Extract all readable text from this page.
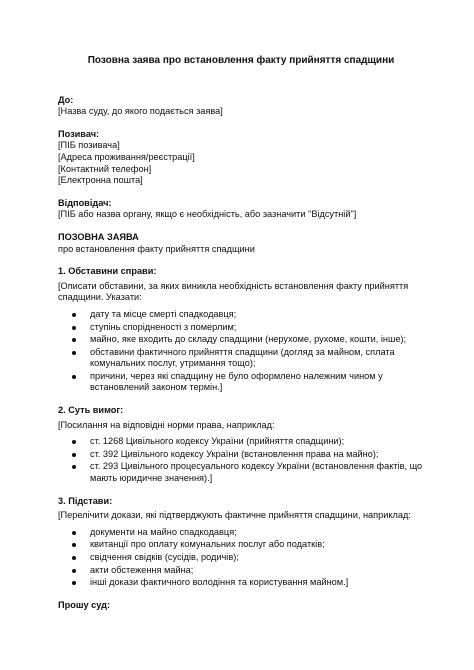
Позовна заява про встановлення факту прийняття спадщини

До:

[Назва суду, до якого подається заява]

Позивач:

[ПІБ позивача]

[Адреса проживання/реєстрації]

[Контактний телефон]

[Електронна пошта]

Відповідач:

[ПІБ або назва органу, якщо є необхідність, або зазначити "Відсутній"]

ПОЗОВНА ЗАЯВА

про встановлення факту прийняття спадщини

1. Обставини справи:

[Описати обставини, за яких виникла необхідність встановлення факту прийняття

спадщини. Указати:

дату та місце смерті спадкодавця;
ступінь спорідненості з померлим;
майно, яке входить до складу спадщини (нерухоме, рухоме, кошти, інше);
обставини фактичного прийняття спадщини (догляд за майном, сплата
комунальних послуг, утримання тощо);
причини, через які спадщину не було оформлено належним чином у
встановлений законом термін.]

2. Суть вимог:

[Посилання на відповідні норми права, наприклад:

ст. 1268 Цивільного кодексу України (прийняття спадщини);
ст. 392 Цивільного кодексу України (встановлення права на майно);
ст. 293 Цивільного процесуального кодексу України (встановлення фактів, що
мають юридичне значення).]

3. Підстави:

[Перелічити докази, які підтверджують фактичне прийняття спадщини, наприклад:

документи на майно спадкодавця;
квитанції про оплату комунальних послуг або податків;
свідчення свідків (сусідів, родичів);
акти обстеження майна;
інші докази фактичного володіння та користування майном.]

Прошу суд:
